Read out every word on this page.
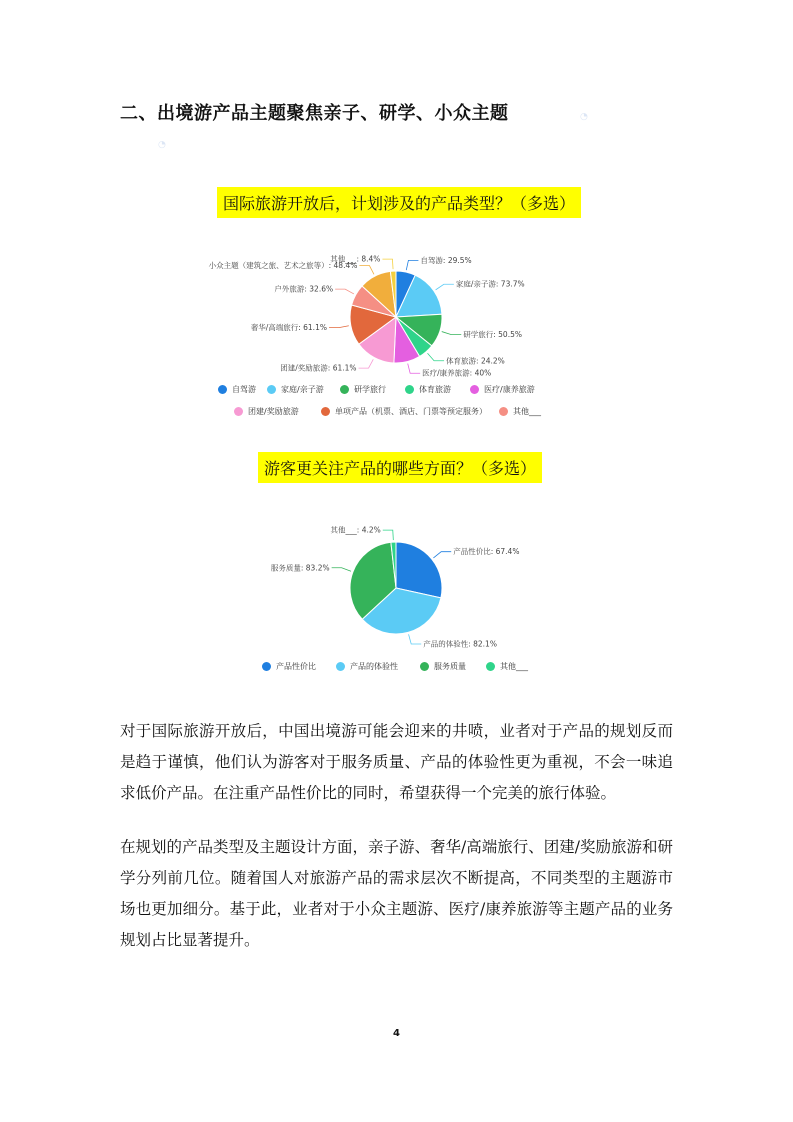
二、出境游产品主题聚焦亲子、研学、小众主题
◔
◔
国际旅游开放后，计划涉及的产品类型？（多选）
自驾游: 29.5%
家庭/亲子游: 73.7%
研学旅行: 50.5%
体育旅游: 24.2%
医疗/康养旅游: 40%
团建/奖励旅游: 61.1%
奢华/高端旅行: 61.1%
户外旅游: 32.6%
小众主题（建筑之旅、艺术之旅等）: 48.4%
其他___: 8.4%
自驾游	家庭/亲子游	研学旅行	体育旅游	医疗/康养旅游
团建/奖励旅游	单项产品（机票、酒店、门票等预定服务）	其他___
游客更关注产品的哪些方面？（多选）
产品性价比: 67.4%
产品的体验性: 82.1%
服务质量: 83.2%
其他___: 4.2%
产品性价比	产品的体验性	服务质量	其他___

对于国际旅游开放后，中国出境游可能会迎来的井喷，业者对于产品的规划反而是趋于谨慎，他们认为游客对于服务质量、产品的体验性更为重视，不会一味追求低价产品。在注重产品性价比的同时，希望获得一个完美的旅行体验。

在规划的产品类型及主题设计方面，亲子游、奢华/高端旅行、团建/奖励旅游和研学分列前几位。随着国人对旅游产品的需求层次不断提高，不同类型的主题游市场也更加细分。基于此，业者对于小众主题游、医疗/康养旅游等主题产品的业务规划占比显著提升。

4
